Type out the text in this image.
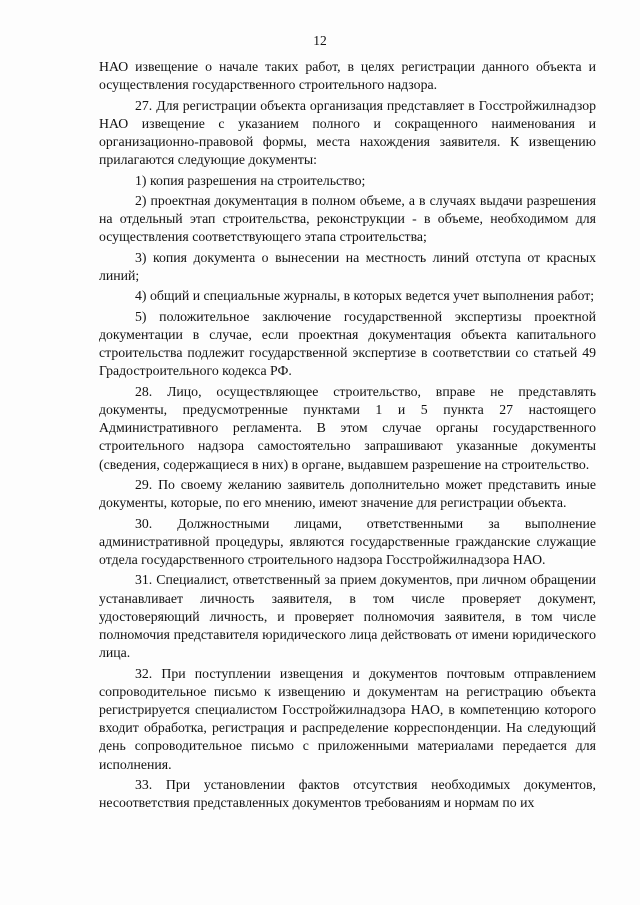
12

НАО извещение о начале таких работ, в целях регистрации данного объекта и осуществления государственного строительного надзора.

27. Для регистрации объекта организация представляет в Госстройжилнадзор НАО извещение с указанием полного и сокращенного наименования и организационно-правовой формы, места нахождения заявителя. К извещению прилагаются следующие документы:

1) копия разрешения на строительство;

2) проектная документация в полном объеме, а в случаях выдачи разрешения на отдельный этап строительства, реконструкции - в объеме, необходимом для осуществления соответствующего этапа строительства;

3) копия документа о вынесении на местность линий отступа от красных линий;

4) общий и специальные журналы, в которых ведется учет выполнения работ;

5) положительное заключение государственной экспертизы проектной документации в случае, если проектная документация объекта капитального строительства подлежит государственной экспертизе в соответствии со статьей 49 Градостроительного кодекса РФ.

28. Лицо, осуществляющее строительство, вправе не представлять документы, предусмотренные пунктами 1 и 5 пункта 27 настоящего Административного регламента. В этом случае органы государственного строительного надзора самостоятельно запрашивают указанные документы (сведения, содержащиеся в них) в органе, выдавшем разрешение на строительство.

29. По своему желанию заявитель дополнительно может представить иные документы, которые, по его мнению, имеют значение для регистрации объекта.

30. Должностными лицами, ответственными за выполнение административной процедуры, являются государственные гражданские служащие отдела государственного строительного надзора Госстройжилнадзора НАО.

31. Специалист, ответственный за прием документов, при личном обращении устанавливает личность заявителя, в том числе проверяет документ, удостоверяющий личность, и проверяет полномочия заявителя, в том числе полномочия представителя юридического лица действовать от имени юридического лица.

32. При поступлении извещения и документов почтовым отправлением сопроводительное письмо к извещению и документам на регистрацию объекта регистрируется специалистом Госстройжилнадзора НАО, в компетенцию которого входит обработка, регистрация и распределение корреспонденции. На следующий день сопроводительное письмо с приложенными материалами передается для исполнения.

33. При установлении фактов отсутствия необходимых документов, несоответствия представленных документов требованиям и нормам по их
